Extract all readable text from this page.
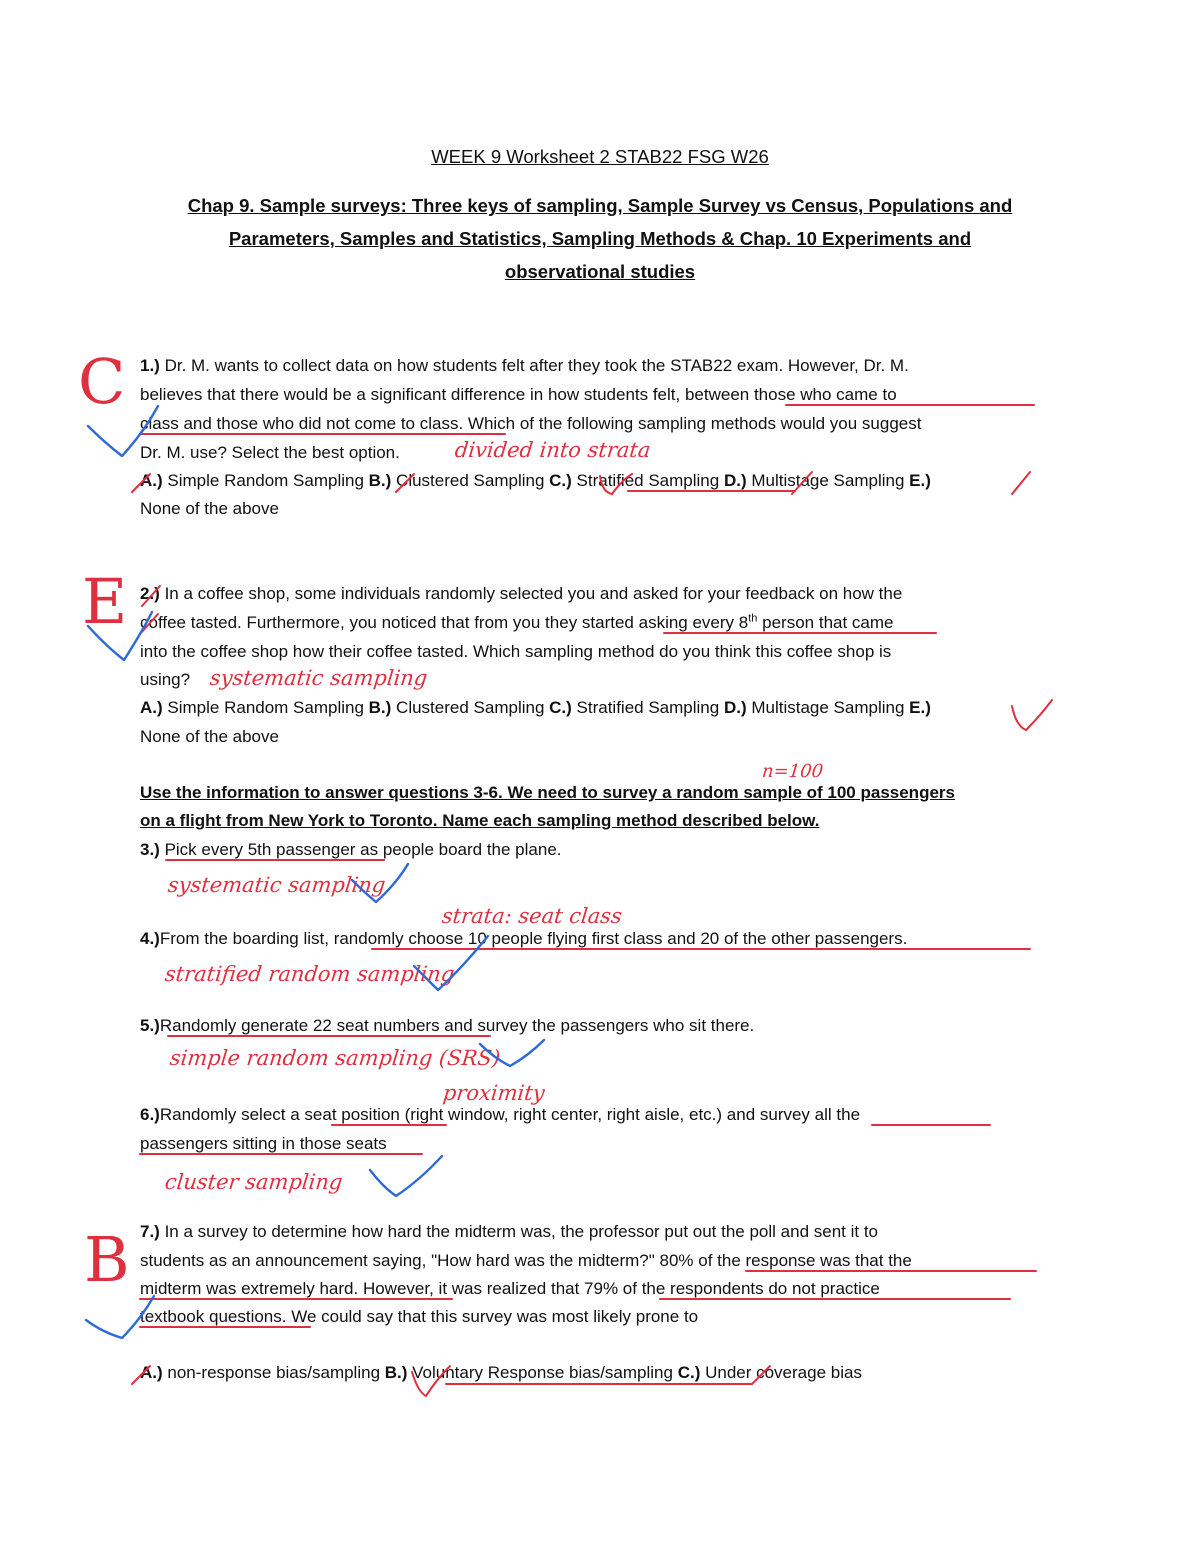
WEEK 9 Worksheet 2 STAB22 FSG W26
Chap 9. Sample surveys: Three keys of sampling, Sample Survey vs Census, Populations and
Parameters, Samples and Statistics, Sampling Methods & Chap. 10 Experiments and
observational studies
1.) Dr. M. wants to collect data on how students felt after they took the STAB22 exam. However, Dr. M.
believes that there would be a significant difference in how students felt, between those who came to
class and those who did not come to class. Which of the following sampling methods would you suggest
Dr. M. use? Select the best option.
A.) Simple Random Sampling B.) Clustered Sampling C.) Stratified Sampling D.) Multistage Sampling E.)
None of the above
C
divided into strata
2.) In a coffee shop, some individuals randomly selected you and asked for your feedback on how the
coffee tasted. Furthermore, you noticed that from you they started asking every 8th person that came
into the coffee shop how their coffee tasted. Which sampling method do you think this coffee shop is
using?
A.) Simple Random Sampling B.) Clustered Sampling C.) Stratified Sampling D.) Multistage Sampling E.)
None of the above
E
systematic sampling
Use the information to answer questions 3-6. We need to survey a random sample of 100 passengers
on a flight from New York to Toronto. Name each sampling method described below.
n=100
3.) Pick every 5th passenger as people board the plane.
systematic sampling
strata: seat class
4.)From the boarding list, randomly choose 10 people flying first class and 20 of the other passengers.
stratified random sampling
5.)Randomly generate 22 seat numbers and survey the passengers who sit there.
simple random sampling (SRS)
proximity
6.)Randomly select a seat position (right window, right center, right aisle, etc.) and survey all the
passengers sitting in those seats
cluster sampling
7.) In a survey to determine how hard the midterm was, the professor put out the poll and sent it to
students as an announcement saying, "How hard was the midterm?" 80% of the response was that the
midterm was extremely hard. However, it was realized that 79% of the respondents do not practice
textbook questions. We could say that this survey was most likely prone to
A.) non-response bias/sampling B.) Voluntary Response bias/sampling C.) Under coverage bias
B
